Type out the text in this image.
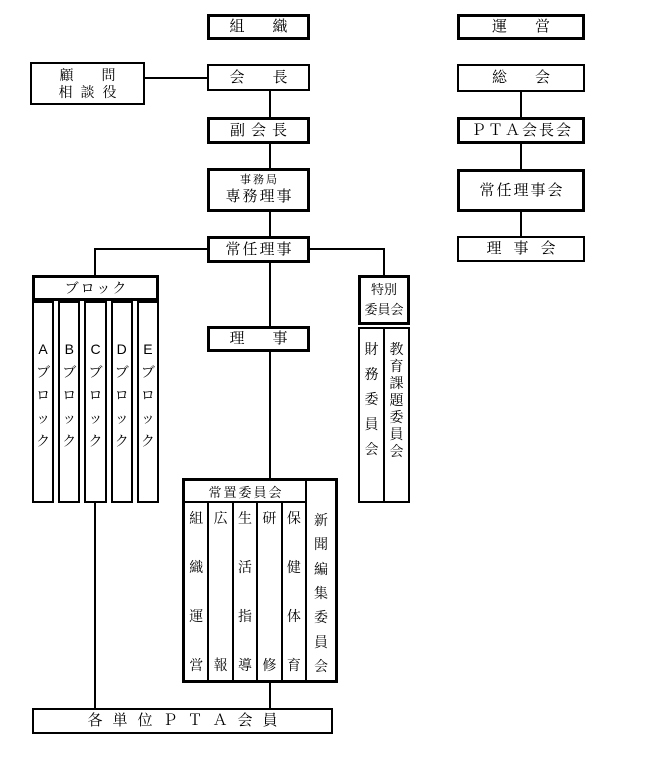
組織	運営
顧問
相談役
会長
副会長
事務局
専務理事
常任理事
理事
総会
ＰＴＡ会長会
常任理事会
理事会
ブロック
A
ブ
ロ
ッ
ク
B
ブ
ロ
ッ
ク
C
ブ
ロ
ッ
ク
D
ブ
ロ
ッ
ク
E
ブ
ロ
ッ
ク
特別
委員会
財
務
委
員
会
教
育
課
題
委
員
会
常置委員会
組
織
運
営
広
報
生
活
指
導
研
修
保
健
体
育
新
聞
編
集
委
員
会
各単位ＰＴＡ会員
